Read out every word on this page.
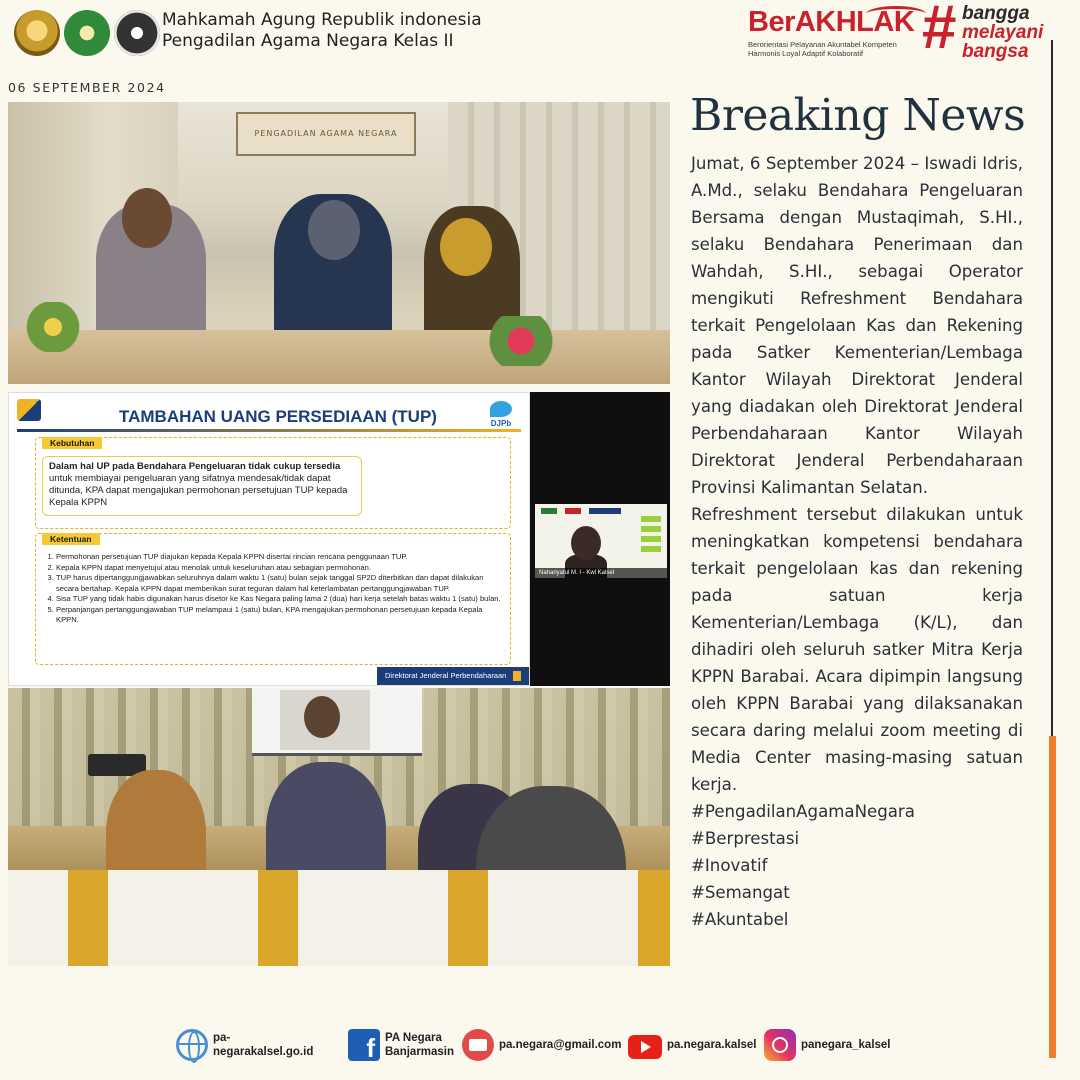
Mahkamah Agung Republik indonesia
Pengadilan Agama Negara Kelas II
BerAKHLAK
Berorientasi Pelayanan Akuntabel Kompeten
Harmonis Loyal Adaptif Kolaboratif # bangga
melayani
bangsa
06 SEPTEMBER 2024
PENGADILAN AGAMA NEGARA
TAMBAHAN UANG PERSEDIAAN (TUP)	DJPb
Kebutuhan
Dalam hal UP pada Bendahara Pengeluaran tidak cukup tersedia untuk membiayai pengeluaran yang sifatnya mendesak/tidak dapat ditunda, KPA dapat mengajukan permohonan persetujuan TUP kepada Kepala KPPN
Ketentuan
1. Permohonan persetujuan TUP diajukan kepada Kepala KPPN disertai rincian rencana penggunaan TUP.
2. Kepala KPPN dapat menyetujui atau menolak untuk keseluruhan atau sebagian permohonan.
3. TUP harus dipertanggungjawabkan seluruhnya dalam waktu 1 (satu) bulan sejak tanggal SP2D diterbitkan dan dapat dilakukan secara bertahap. Kepala KPPN dapat memberikan surat teguran dalam hal keterlambatan pertanggungjawaban TUP.
4. Sisa TUP yang tidak habis digunakan harus disetor ke Kas Negara paling lama 2 (dua) hari kerja setelah batas waktu 1 (satu) bulan.
5. Perpanjangan pertanggungjawaban TUP melampaui 1 (satu) bulan, KPA mengajukan permohonan persetujuan kepada Kepala KPPN.
Direktorat Jenderal Perbendaharaan
Nahariyatul M. I - Kwl Kalsel
Breaking News

Jumat, 6 September 2024 – Iswadi Idris, A.Md., selaku Bendahara Pengeluaran Bersama dengan Mustaqimah, S.HI., selaku Bendahara Penerimaan dan Wahdah, S.HI., sebagai Operator mengikuti Refreshment Bendahara terkait Pengelolaan Kas dan Rekening pada Satker Kementerian/Lembaga Kantor Wilayah Direktorat Jenderal yang diadakan oleh Direktorat Jenderal Perbendaharaan Kantor Wilayah Direktorat Jenderal Perbendaharaan Provinsi Kalimantan Selatan.

Refreshment tersebut dilakukan untuk meningkatkan kompetensi bendahara terkait pengelolaan kas dan rekening pada satuan kerja Kementerian/Lembaga (K/L), dan dihadiri oleh seluruh satker Mitra Kerja KPPN Barabai. Acara dipimpin langsung oleh KPPN Barabai yang dilaksanakan secara daring melalui zoom meeting di Media Center masing-masing satuan kerja.

#PengadilanAgamaNegara
#Berprestasi
#Inovatif
#Semangat
#Akuntabel
pa-negarakalsel.go.id	f PA Negara
Banjarmasin
pa.negara@gmail.com	pa.negara.kalsel	panegara_kalsel
